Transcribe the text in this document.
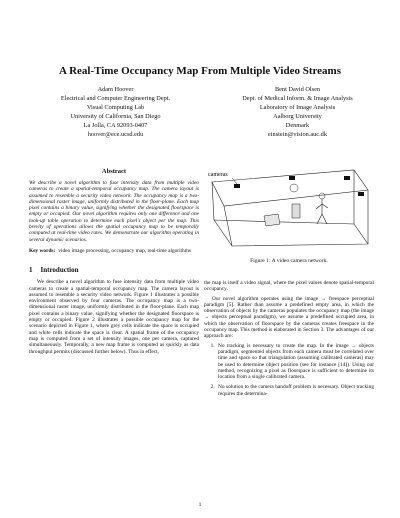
A Real-Time Occupancy Map From Multiple Video Streams
Adam Hoover
Electrical and Computer Engineering Dept.
Visual Computing Lab
University of California, San Diego
La Jolla, CA 92093-0407
hoover@ece.ucsd.edu
Bent David Olsen
Dept. of Medical Inform. & Image Analysis
Laboratory of Image Analysis
Aalborg University
Denmark
einstein@vision.auc.dk
Abstract
We describe a novel algorithm to fuse intensity data from multiple video cameras to create a spatial-temporal occupancy map. The camera layout is assumed to resemble a security video network. The occupancy map is a two-dimensional raster image, uniformly distributed in the floor-plane. Each map pixel contains a binary value, signifying whether the designated floorspace is empty or occupied. Our novel algorithm requires only one difference and one look-up table operation to determine each pixel's object per the map. This brevity of operations allows the spatial occupancy map to be temporally computed at real-time video rates. We demonstrate our algorithm operating in several dynamic scenarios.
Key words: video image processing, occupancy map, real-time algorithms
1 Introduction
We describe a novel algorithm to fuse intensity data from multiple video cameras to create a spatial-temporal occupancy map. The camera layout is assumed to resemble a security video network. Figure 1 illustrates a possible environment observed by four cameras. The occupancy map is a two-dimensional raster image, uniformly distributed in the floor-plane. Each map pixel contains a binary value, signifying whether the designated floorspace is empty or occupied. Figure 2 illustrates a possible occupancy map for the scenario depicted in Figure 1, where grey cells indicate the space is occupied and white cells indicate the space is clear. A spatial frame of the occupancy map is computed from a set of intensity images, one per camera, captured simultaneously. Temporally, a new map frame is computed as quickly as data throughput permits (discussed further below). Thus in effect,
cameras
Figure 1: A video camera network.
the map is itself a video signal, where the pixel values denote spatial-temporal occupancy.
Our novel algorithm operates using the image → freespace perceptual paradigm [5]. Rather than assume a predefined empty area, in which the observation of objects by the cameras populates the occupancy map (the image → objects perceptual paradigm), we assume a predefined occupied area, in which the observation of floorspace by the cameras creates freespace in the occupancy map. This method is elaborated in Section 3. The advantages of our approach are:
1. No tracking is necessary to create the map. In the image → objects paradigm, segmented objects from each camera must be correlated over time and space so that triangulation (assuming calibrated cameras) may be used to determine object position (see for instance [14]). Using our method, recognizing a pixel as floorspace is sufficient to determine its location from a single calibrated camera.
2. No solution to the camera handoff problem is necessary. Object tracking requires the determina-
1
